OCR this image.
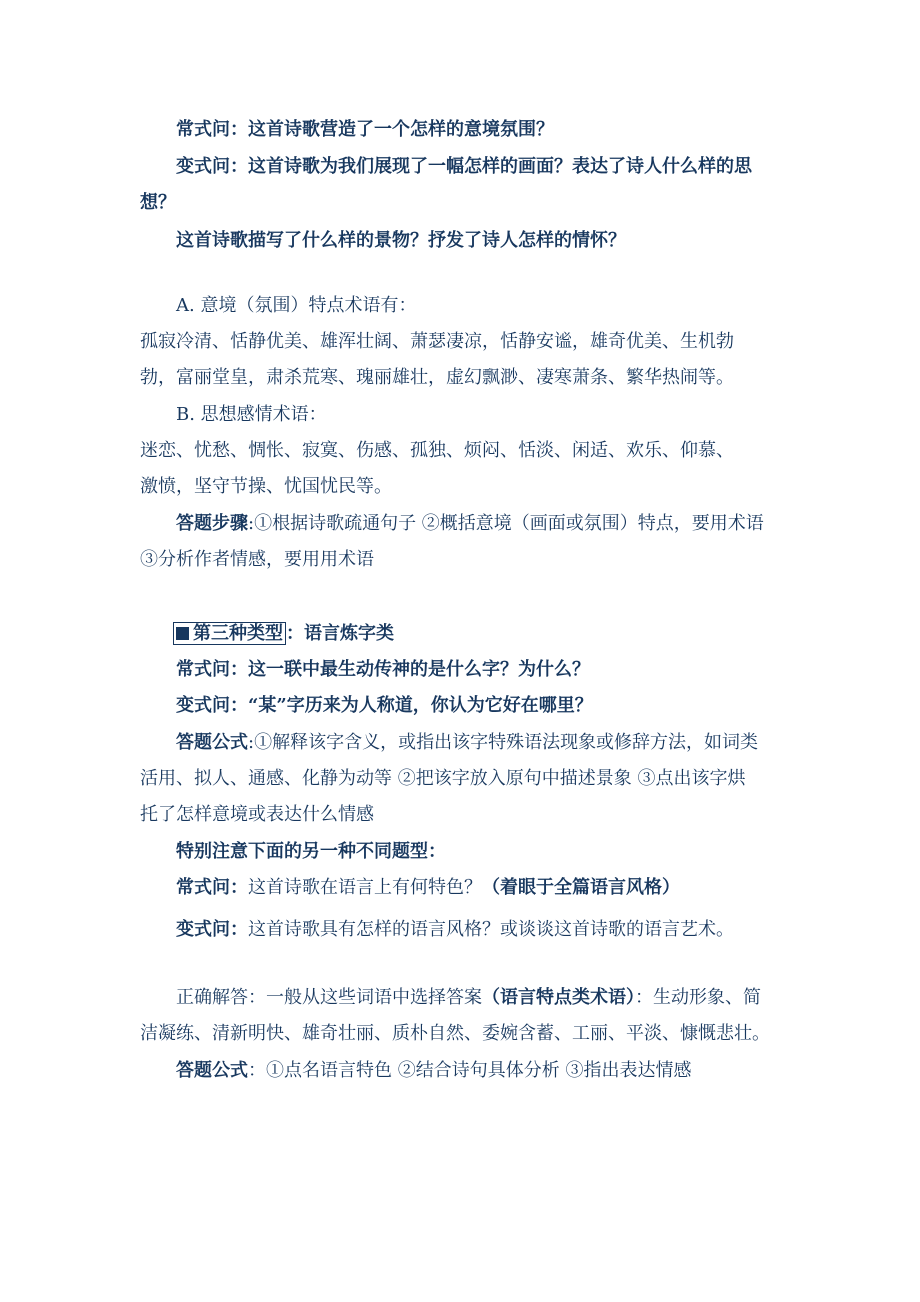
常式问：这首诗歌营造了一个怎样的意境氛围？
变式问：这首诗歌为我们展现了一幅怎样的画面？表达了诗人什么样的思
想？
这首诗歌描写了什么样的景物？抒发了诗人怎样的情怀？
A. 意境（氛围）特点术语有：
孤寂冷清、恬静优美、雄浑壮阔、萧瑟凄凉，恬静安谧，雄奇优美、生机勃
勃，富丽堂皇，肃杀荒寒、瑰丽雄壮，虚幻飘渺、凄寒萧条、繁华热闹等。
B. 思想感情术语：
迷恋、忧愁、惆怅、寂寞、伤感、孤独、烦闷、恬淡、闲适、欢乐、仰慕、
激愤，坚守节操、忧国忧民等。
答题步骤:①根据诗歌疏通句子 ②概括意境（画面或氛围）特点，要用术语
③分析作者情感，要用用术语
第三种类型 ：语言炼字类
常式问：这一联中最生动传神的是什么字？为什么？
变式问：“某”字历来为人称道，你认为它好在哪里？
答题公式:①解释该字含义，或指出该字特殊语法现象或修辞方法，如词类
活用、拟人、通感、化静为动等 ②把该字放入原句中描述景象 ③点出该字烘
托了怎样意境或表达什么情感
特别注意下面的另一种不同题型：
常式问：这首诗歌在语言上有何特色？（着眼于全篇语言风格）
变式问：这首诗歌具有怎样的语言风格？或谈谈这首诗歌的语言艺术。
正确解答：一般从这些词语中选择答案（语言特点类术语）：生动形象、简
洁凝练、清新明快、雄奇壮丽、质朴自然、委婉含蓄、工丽、平淡、慷慨悲壮。
答题公式：①点名语言特色 ②结合诗句具体分析 ③指出表达情感
